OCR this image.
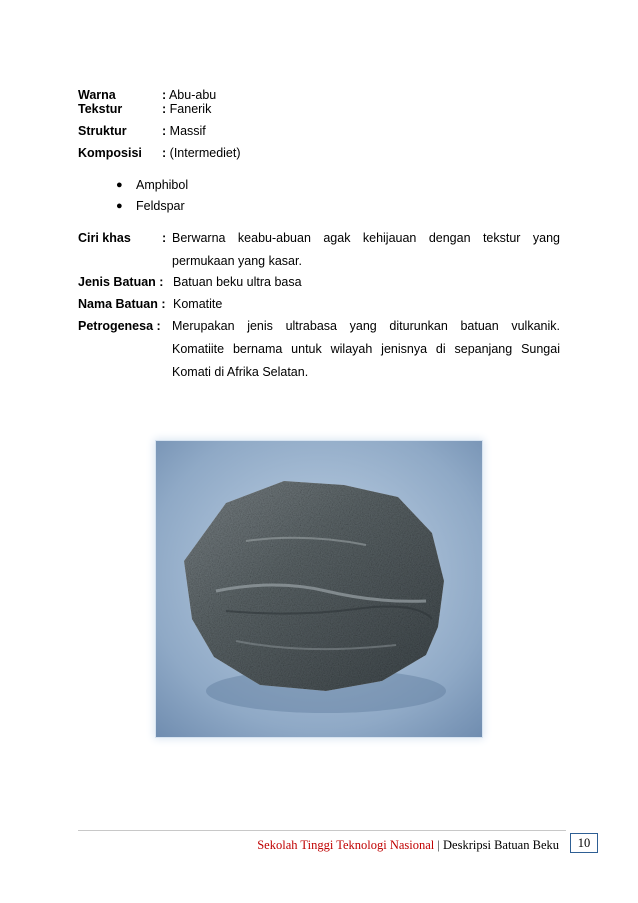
Warna	: Abu-abu
Tekstur	: Fanerik
Struktur	: Massif
Komposisi : (Intermediet)
● Amphibol
● Feldspar
Ciri khas : Berwarna keabu-abuan agak kehijauan dengan tekstur yang
permukaan yang kasar.
Jenis Batuan : Batuan beku ultra basa
Nama Batuan : Komatite
Petrogenesa : Merupakan jenis ultrabasa yang diturunkan batuan vulkanik.
Komatiite bernama untuk wilayah jenisnya di sepanjang Sungai
Komati di Afrika Selatan.
Sekolah Tinggi Teknologi Nasional | Deskripsi Batuan Beku	10
